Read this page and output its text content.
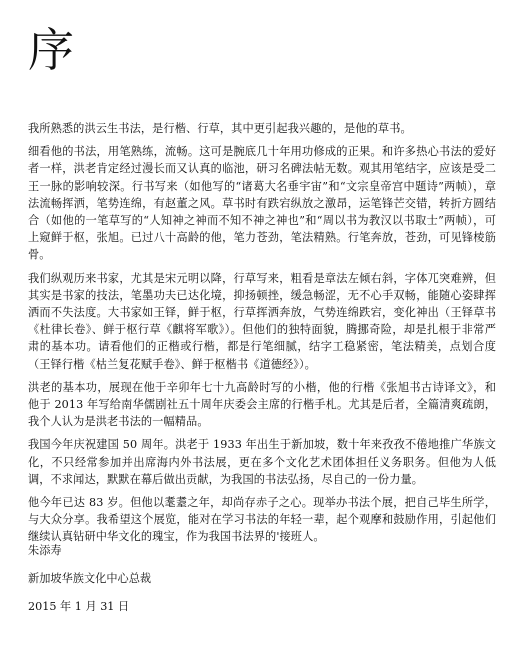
序

我所熟悉的洪云生书法，是行楷、行草，其中更引起我兴趣的，是他的草书。

细看他的书法，用笔熟练，流畅。这可是腕底几十年用功修成的正果。和许多热心书法的爱好者一样，洪老肯定经过漫长而又认真的临池，研习名碑法帖无数。观其用笔结字，应该是受二王一脉的影响较深。行书写来（如他写的“诸葛大名垂宇宙”和“文宗皇帝宫中题诗”两帧），章法流畅挥洒，笔势连绵，有赵董之风。草书时有跌宕纵放之激昂，运笔锋芒交错，转折方圆结合（如他的一笔草写的“人知神之神而不知不神之神也”和“周以书为教汉以书取士”两帧），可上窥鲜于枢，张旭。已过八十高龄的他，笔力苍劲，笔法精熟。行笔奔放，苍劲，可见锋棱筋骨。

我们纵观历来书家，尤其是宋元明以降，行草写来，粗看是章法左倾右斜，字体兀突难辨，但其实是书家的技法，笔墨功夫已达化境，抑扬顿挫，缓急畅涩，无不心手双畅，能随心姿肆挥洒而不失法度。大书家如王铎，鲜于枢，行草挥洒奔放，气势连绵跌宕，变化神出（王铎草书《杜律长卷》、鲜于枢行草《麒将军歌》）。但他们的独特面貌，腾挪奇险，却是扎根于非常严肃的基本功。请看他们的正楷或行楷，都是行笔细腻，结字工稳紧密，笔法精美，点划合度（王铎行楷《枯兰复花赋手卷》、鲜于枢楷书《道德经》）。

洪老的基本功，展现在他于辛卯年七十九高龄时写的小楷，他的行楷《张旭书古诗译文》，和他于 2013 年写给南华儒剧社五十周年庆委会主席的行楷手札。尤其是后者，全篇清爽疏朗，我个人认为是洪老书法的一幅精品。

我国今年庆祝建国 50 周年。洪老于 1933 年出生于新加坡，数十年来孜孜不倦地推广华族文化，不只经常参加并出席海内外书法展，更在多个文化艺术团体担任义务职务。但他为人低调，不求闻达，默默在幕后做出贡献，为我国的书法弘扬，尽自己的一份力量。

他今年已达 83 岁。但他以耄耋之年，却尚存赤子之心。现举办书法个展，把自己毕生所学，与大众分享。我希望这个展览，能对在学习书法的年轻一辈，起个观摩和鼓励作用，引起他们继续认真钻研中华文化的瑰宝，作为我国书法界的'接班人。

朱添寿

新加坡华族文化中心总裁

2015 年 1 月 31 日
